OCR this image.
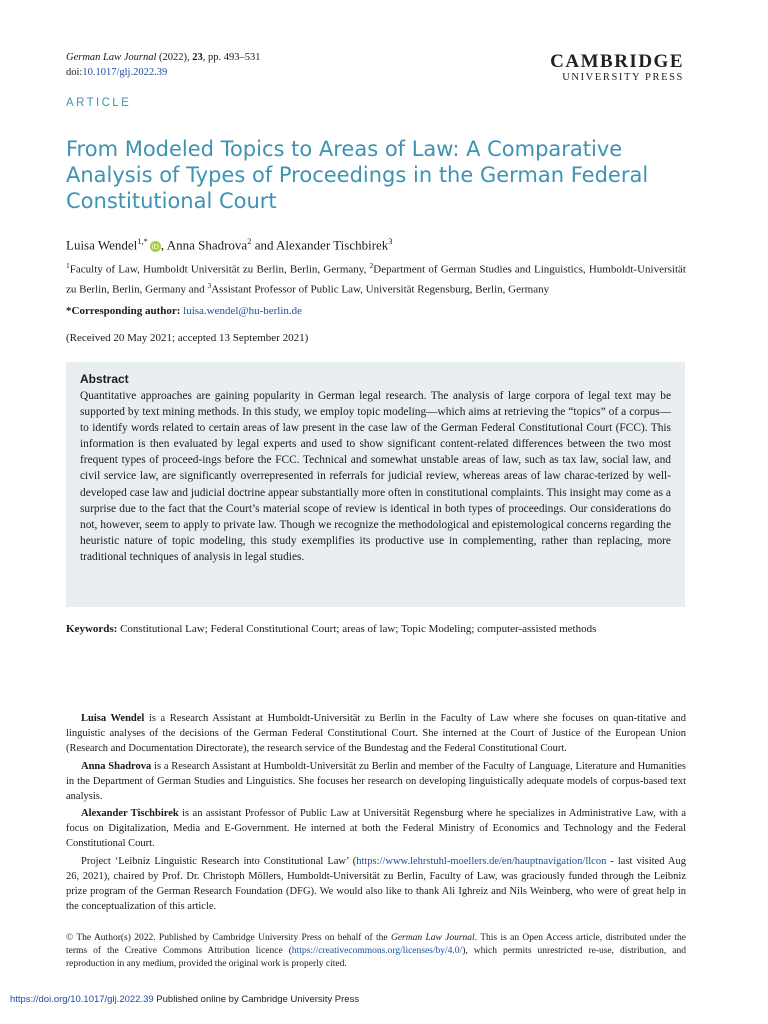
German Law Journal (2022), 23, pp. 493–531
doi:10.1017/glj.2022.39
CAMBRIDGE
UNIVERSITY PRESS
ARTICLE
From Modeled Topics to Areas of Law: A Comparative Analysis of Types of Proceedings in the German Federal Constitutional Court
Luisa Wendel$^{1,*}$iD , Anna Shadrova$^2$ and Alexander Tischbirek$^3$
$^1$Faculty of Law, Humboldt Universität zu Berlin, Berlin, Germany, $^2$Department of German Studies and Linguistics, Humboldt-Universität zu Berlin, Berlin, Germany and $^3$Assistant Professor of Public Law, Universität Regensburg, Berlin, Germany
*Corresponding author: luisa.wendel@hu-berlin.de
(Received 20 May 2021; accepted 13 September 2021)
Abstract
Quantitative approaches are gaining popularity in German legal research. The analysis of large corpora of legal text may be supported by text mining methods. In this study, we employ topic modeling—which aims at retrieving the “topics” of a corpus—to identify words related to certain areas of law present in the case law of the German Federal Constitutional Court (FCC). This information is then evaluated by legal experts and used to show significant content-related differences between the two most frequent types of proceed-ings before the FCC. Technical and somewhat unstable areas of law, such as tax law, social law, and civil service law, are significantly overrepresented in referrals for judicial review, whereas areas of law charac-terized by well-developed case law and judicial doctrine appear substantially more often in constitutional complaints. This insight may come as a surprise due to the fact that the Court’s material scope of review is identical in both types of proceedings. Our considerations do not, however, seem to apply to private law. Though we recognize the methodological and epistemological concerns regarding the heuristic nature of topic modeling, this study exemplifies its productive use in complementing, rather than replacing, more traditional techniques of analysis in legal studies.
Keywords: Constitutional Law; Federal Constitutional Court; areas of law; Topic Modeling; computer-assisted methods

Luisa Wendel is a Research Assistant at Humboldt-Universität zu Berlin in the Faculty of Law where she focuses on quan-titative and linguistic analyses of the decisions of the German Federal Constitutional Court. She interned at the Court of Justice of the European Union (Research and Documentation Directorate), the research service of the Bundestag and the Federal Constitutional Court.

Anna Shadrova is a Research Assistant at Humboldt-Universität zu Berlin and member of the Faculty of Language, Literature and Humanities in the Department of German Studies and Linguistics. She focuses her research on developing linguistically adequate models of corpus-based text analysis.

Alexander Tischbirek is an assistant Professor of Public Law at Universität Regensburg where he specializes in Administrative Law, with a focus on Digitalization, Media and E-Government. He interned at both the Federal Ministry of Economics and Technology and the Federal Constitutional Court.

Project ‘Leibniz Linguistic Research into Constitutional Law’ (https://www.lehrstuhl-moellers.de/en/hauptnavigation/llcon - last visited Aug 26, 2021), chaired by Prof. Dr. Christoph Möllers, Humboldt-Universität zu Berlin, Faculty of Law, was graciously funded through the Leibniz prize program of the German Research Foundation (DFG). We would also like to thank Ali Ighreiz and Nils Weinberg, who were of great help in the conceptualization of this article.

© The Author(s) 2022. Published by Cambridge University Press on behalf of the German Law Journal. This is an Open Access article, distributed under the terms of the Creative Commons Attribution licence (https://creativecommons.org/licenses/by/4.0/), which permits unrestricted re-use, distribution, and reproduction in any medium, provided the original work is properly cited.
https://doi.org/10.1017/glj.2022.39 Published online by Cambridge University Press
